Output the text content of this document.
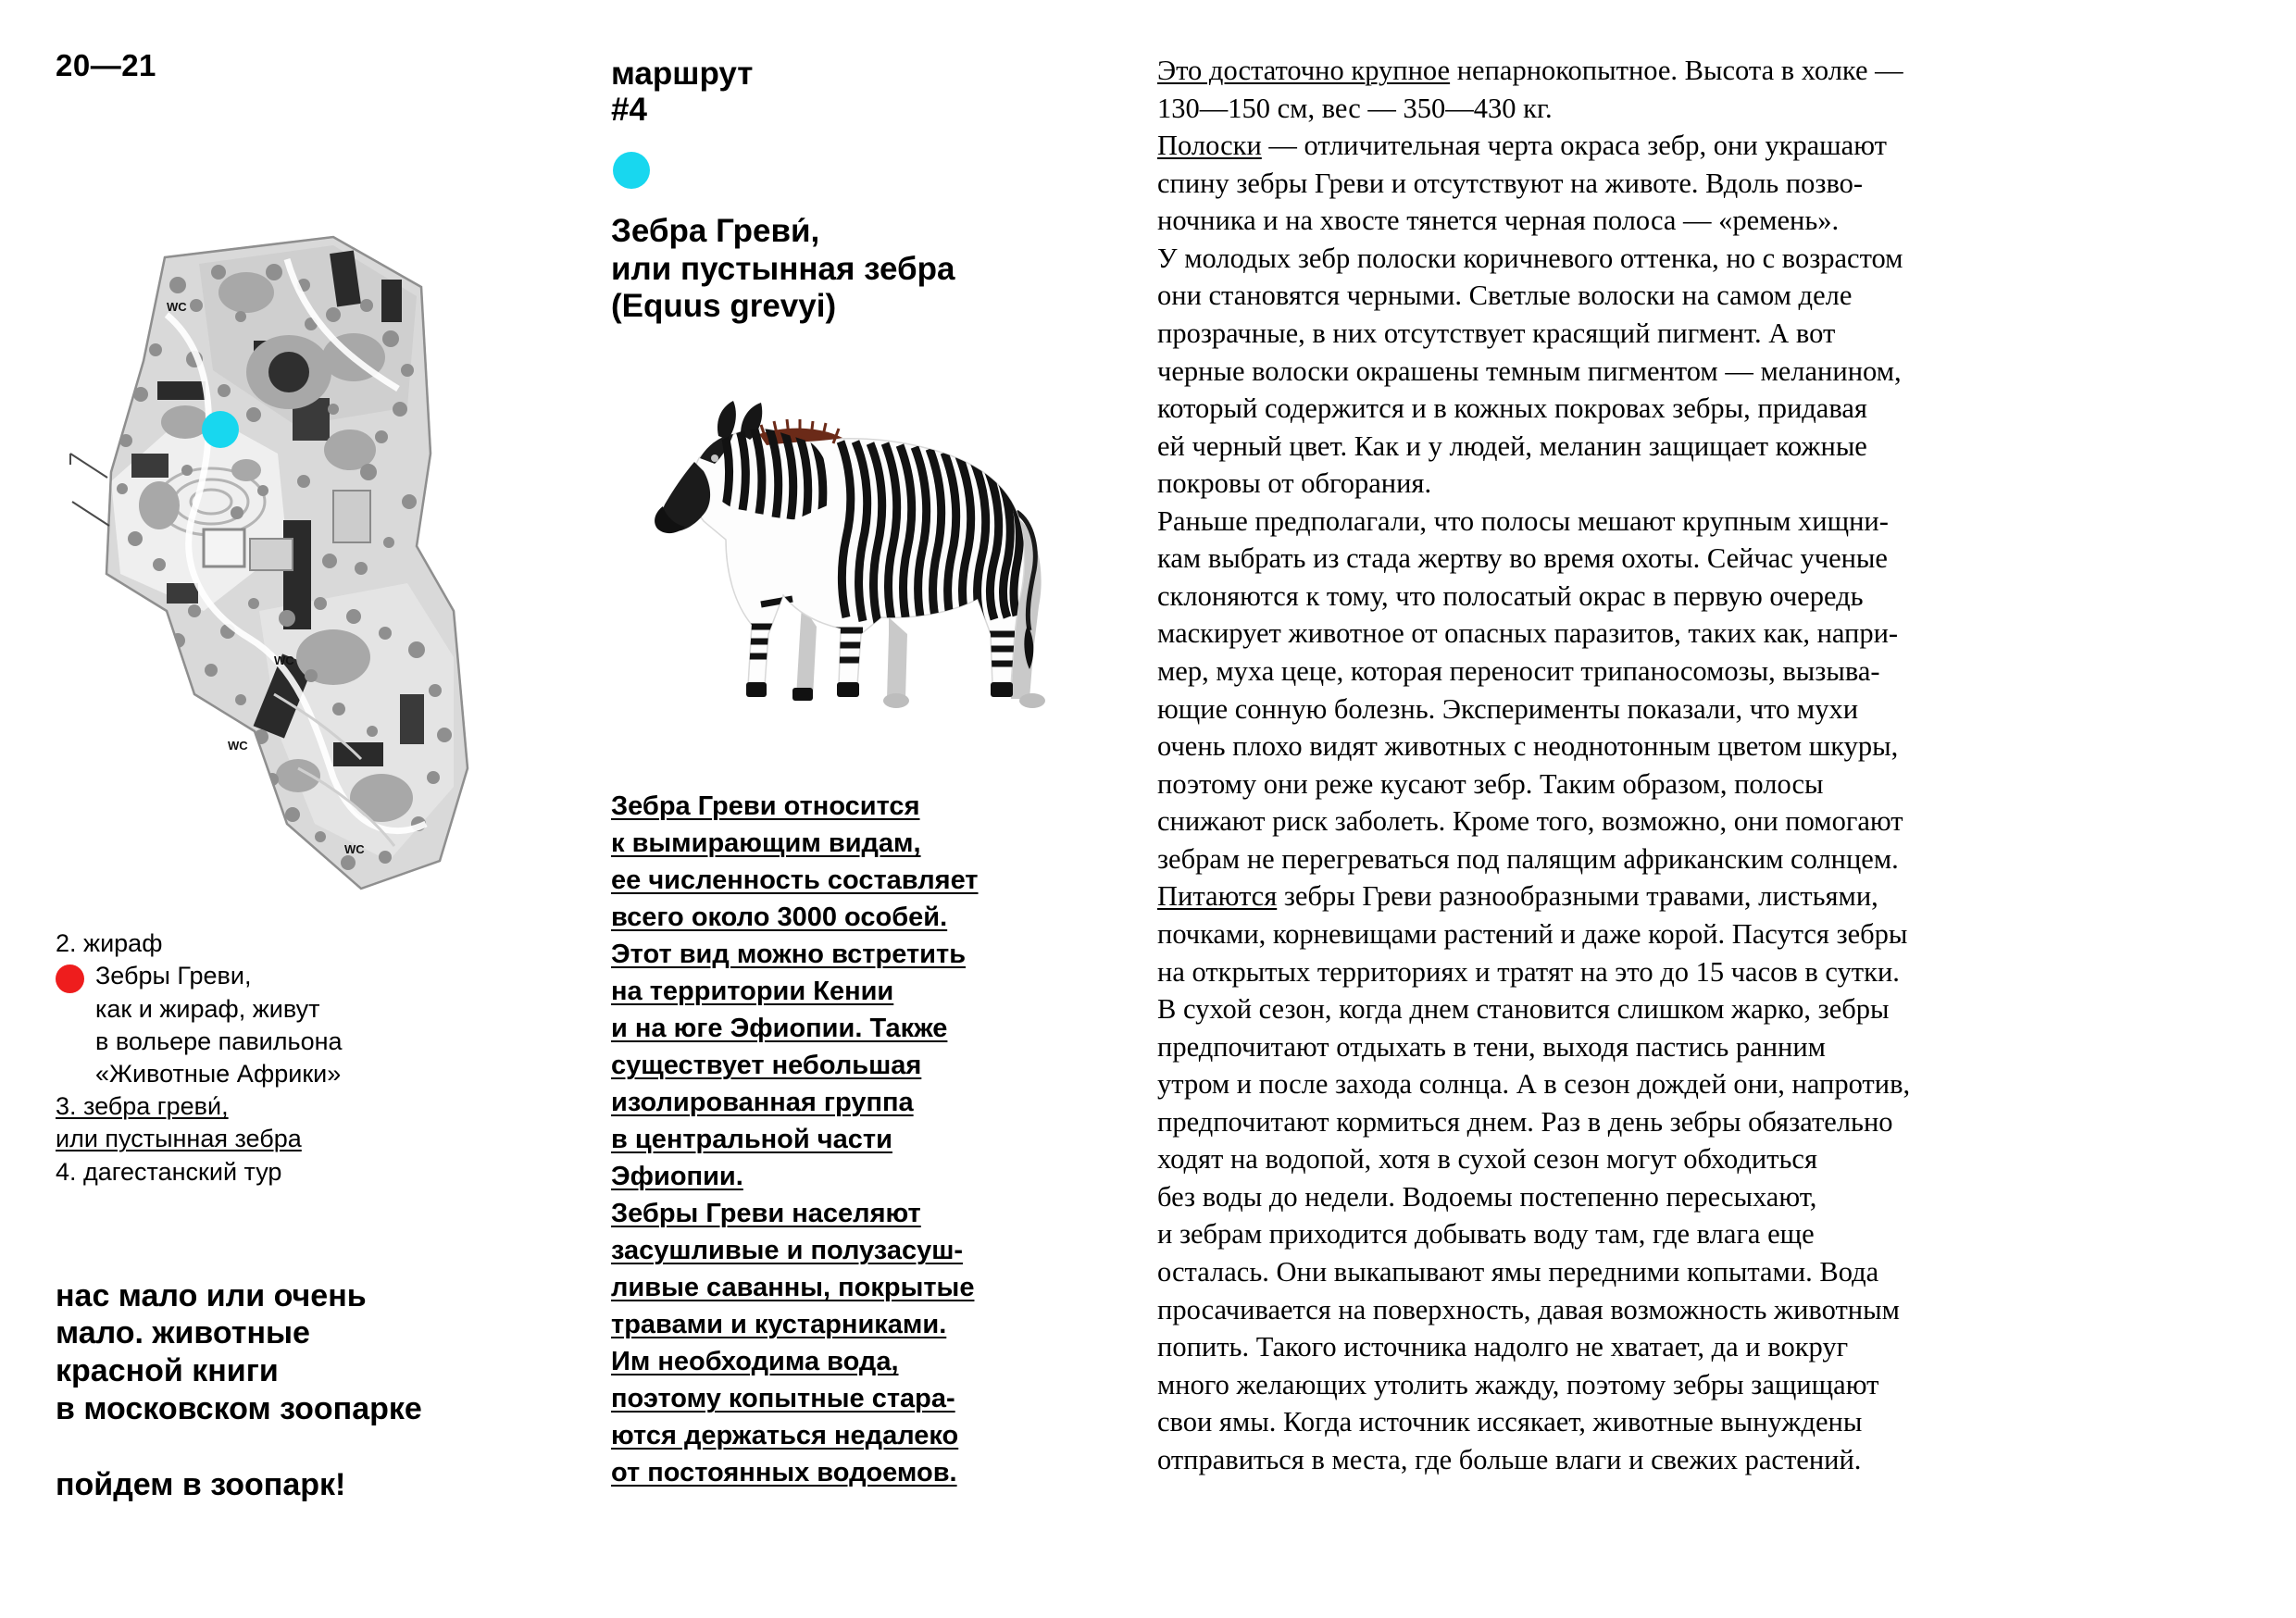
20—21
WC
WC
WC
WC
2. жираф
Зебры Греви,
как и жираф, живут
в вольере павильона
«Животные Африки»
3. зебра греви́,
или пустынная зебра
4. дагестанский тур
нас мало или очень
мало. животные
красной книги
в московском зоопарке
пойдем в зоопарк!
маршрут
#4
Зебра Греви́,
или пустынная зебра
(Equus grevyi)
Зебра Греви относится
к вымирающим видам,
ее численность составляет
всего около 3000 особей.
Этот вид можно встретить
на территории Кении
и на юге Эфиопии. Также
существует небольшая
изолированная группа
в центральной части
Эфиопии.
Зебры Греви населяют
засушливые и полузасуш-
ливые саванны, покрытые
травами и кустарниками.
Им необходима вода,
поэтому копытные стара-
ются держаться недалеко
от постоянных водоемов.
Это достаточно крупное непарнокопытное. Высота в холке —
130—150 см, вес — 350—430 кг.
Полоски — отличительная черта окраса зебр, они украшают
спину зебры Греви и отсутствуют на животе. Вдоль позво-
ночника и на хвосте тянется черная полоса — «ремень».
У молодых зебр полоски коричневого оттенка, но с возрастом
они становятся черными. Светлые волоски на самом деле
прозрачные, в них отсутствует красящий пигмент. А вот
черные волоски окрашены темным пигментом — меланином,
который содержится и в кожных покровах зебры, придавая
ей черный цвет. Как и у людей, меланин защищает кожные
покровы от обгорания.
Раньше предполагали, что полосы мешают крупным хищни-
кам выбрать из стада жертву во время охоты. Сейчас ученые
склоняются к тому, что полосатый окрас в первую очередь
маскирует животное от опасных паразитов, таких как, напри-
мер, муха цеце, которая переносит трипаносомозы, вызыва-
ющие сонную болезнь. Эксперименты показали, что мухи
очень плохо видят животных с неоднотонным цветом шкуры,
поэтому они реже кусают зебр. Таким образом, полосы
снижают риск заболеть. Кроме того, возможно, они помогают
зебрам не перегреваться под палящим африканским солнцем.
Питаются зебры Греви разнообразными травами, листьями,
почками, корневищами растений и даже корой. Пасутся зебры
на открытых территориях и тратят на это до 15 часов в сутки.
В сухой сезон, когда днем становится слишком жарко, зебры
предпочитают отдыхать в тени, выходя пастись ранним
утром и после захода солнца. А в сезон дождей они, напротив,
предпочитают кормиться днем. Раз в день зебры обязательно
ходят на водопой, хотя в сухой сезон могут обходиться
без воды до недели. Водоемы постепенно пересыхают,
и зебрам приходится добывать воду там, где влага еще
осталась. Они выкапывают ямы передними копытами. Вода
просачивается на поверхность, давая возможность животным
попить. Такого источника надолго не хватает, да и вокруг
много желающих утолить жажду, поэтому зебры защищают
свои ямы. Когда источник иссякает, животные вынуждены
отправиться в места, где больше влаги и свежих растений.
